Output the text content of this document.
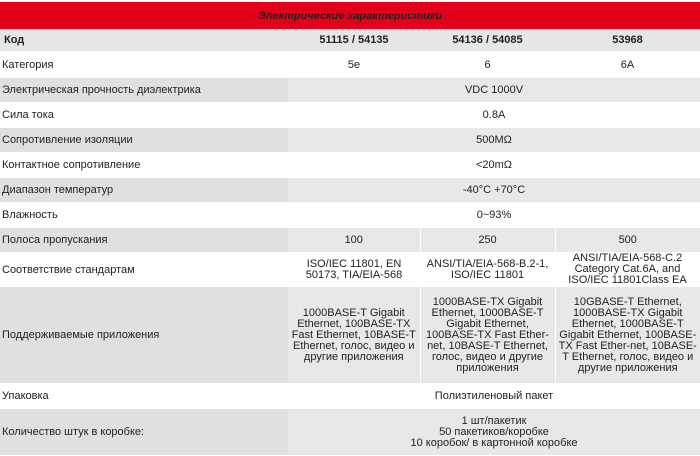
Электрические характеристики			
Код	51115 / 54135	54136 / 54085	53968
Категория	5e	6	6A
Электрическая прочность диэлектрика	VDC 1000V		
Сила тока	0.8A		
Сопротивление изоляции	500MΩ		
Контактное сопротивление	<20mΩ		
Диапазон температур	-40°C +70°C		
Влажность	0~93%		
Полоса пропускания	100	250	500
Соответствие стандартам	ISO/IEC 11801, EN 50173, TIA/EIA-568	ANSI/TIA/EIA-568-B.2-1, ISO/IEC 11801	ANSI/TIA/EIA-568-C.2 Category Cat.6A, and ISO/IEC 11801Class EA
Поддерживаемые приложения	1000BASE-T Gigabit Ethernet, 100BASE-TX Fast Ethernet, 10BASE-T Ethernet, голос, видео и другие приложения	1000BASE-TX Gigabit Ethernet, 1000BASE-T Gigabit Ethernet, 100BASE-TX Fast Ether-net, 10BASE-T Ethernet, голос, видео и другие приложения	10GBASE-T Ethernet, 1000BASE-TX Gigabit Ethernet, 1000BASE-T Gigabit Ethernet, 100BASE-TX Fast Ether-net, 10BASE-T Ethernet, голос, видео и другие приложения
Упаковка	Полиэтиленовый пакет		
Количество штук в коробке:	1 шт/пакетик
50 пакетиков/коробке
10 коробок/ в картонной коробке		
